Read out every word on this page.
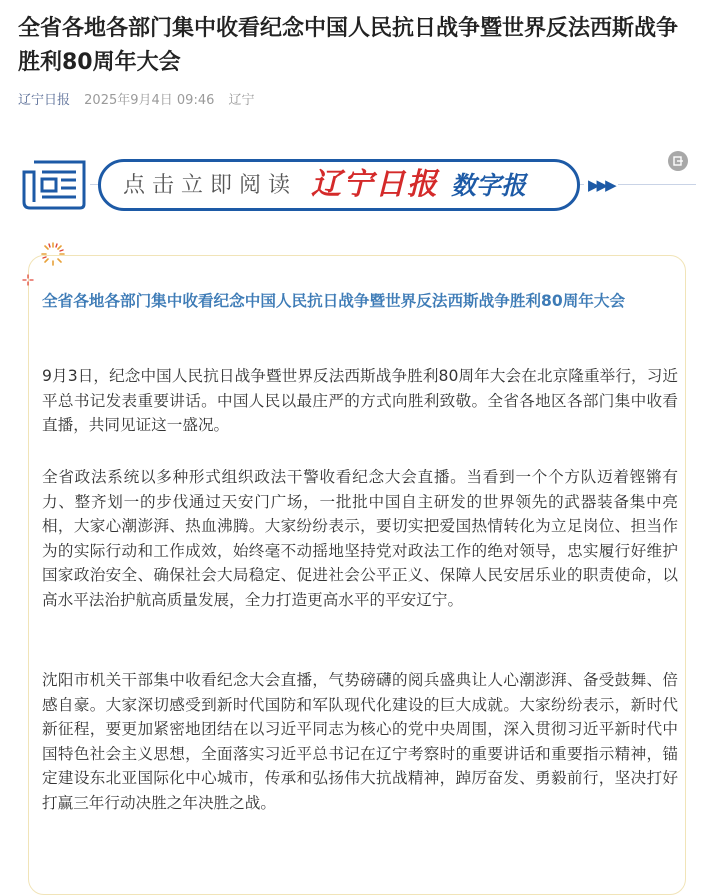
全省各地各部门集中收看纪念中国人民抗日战争暨世界反法西斯战争胜利80周年大会
辽宁日报 2025年9月4日 09:46 辽宁
点击立即阅读 辽宁日报 数字报	▶▶▶
全省各地各部门集中收看纪念中国人民抗日战争暨世界反法西斯战争胜利80周年大会

9月3日，纪念中国人民抗日战争暨世界反法西斯战争胜利80周年大会在北京隆重举行，习近平总书记发表重要讲话。中国人民以最庄严的方式向胜利致敬。全省各地区各部门集中收看直播，共同见证这一盛况。

全省政法系统以多种形式组织政法干警收看纪念大会直播。当看到一个个方队迈着铿锵有力、整齐划一的步伐通过天安门广场，一批批中国自主研发的世界领先的武器装备集中亮相，大家心潮澎湃、热血沸腾。大家纷纷表示，要切实把爱国热情转化为立足岗位、担当作为的实际行动和工作成效，始终毫不动摇地坚持党对政法工作的绝对领导，忠实履行好维护国家政治安全、确保社会大局稳定、促进社会公平正义、保障人民安居乐业的职责使命，以高水平法治护航高质量发展，全力打造更高水平的平安辽宁。

沈阳市机关干部集中收看纪念大会直播，气势磅礴的阅兵盛典让人心潮澎湃、备受鼓舞、倍感自豪。大家深切感受到新时代国防和军队现代化建设的巨大成就。大家纷纷表示，新时代新征程，要更加紧密地团结在以习近平同志为核心的党中央周围，深入贯彻习近平新时代中国特色社会主义思想，全面落实习近平总书记在辽宁考察时的重要讲话和重要指示精神，锚定建设东北亚国际化中心城市，传承和弘扬伟大抗战精神，踔厉奋发、勇毅前行，坚决打好打赢三年行动决胜之年决胜之战。
